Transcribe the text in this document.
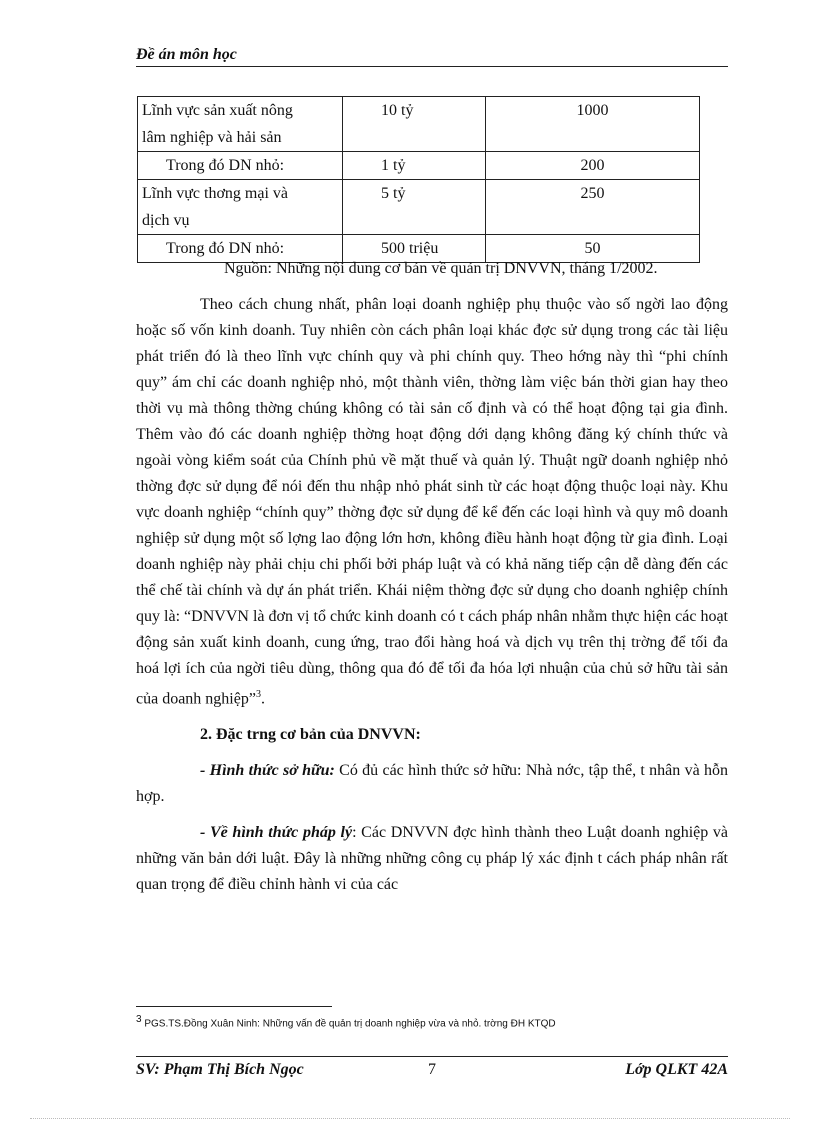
Đề án môn học
Lĩnh vực sản xuất nông
lâm nghiệp và hải sản	10 tỷ	1000

Trong đó DN nhỏ:	1 tỷ	200

Lĩnh vực thơng mại và
dịch vụ	5 tỷ	250

Trong đó DN nhỏ:	500 triệu	50

Nguồn: Những nội dung cơ bản về quản trị DNVVN, tháng 1/2002.

Theo cách chung nhất, phân loại doanh nghiệp phụ thuộc vào số ngời lao động hoặc số vốn kinh doanh. Tuy nhiên còn cách phân loại khác đợc sử dụng trong các tài liệu phát triển đó là theo lĩnh vực chính quy và phi chính quy. Theo hớng này thì “phi chính quy” ám chỉ các doanh nghiệp nhỏ, một thành viên, thờng làm việc bán thời gian hay theo thời vụ mà thông thờng chúng không có tài sản cố định và có thể hoạt động tại gia đình. Thêm vào đó các doanh nghiệp thờng hoạt động dới dạng không đăng ký chính thức và ngoài vòng kiểm soát của Chính phủ về mặt thuế và quản lý. Thuật ngữ doanh nghiệp nhỏ thờng đợc sử dụng để nói đến thu nhập nhỏ phát sinh từ các hoạt động thuộc loại này. Khu vực doanh nghiệp “chính quy” thờng đợc sử dụng để kể đến các loại hình và quy mô doanh nghiệp sử dụng một số lợng lao động lớn hơn, không điều hành hoạt động từ gia đình. Loại doanh nghiệp này phải chịu chi phối bởi pháp luật và có khả năng tiếp cận dễ dàng đến các thể chế tài chính và dự án phát triển. Khái niệm thờng đợc sử dụng cho doanh nghiệp chính quy là: “DNVVN là đơn vị tổ chức kinh doanh có t cách pháp nhân nhằm thực hiện các hoạt động sản xuất kinh doanh, cung ứng, trao đổi hàng hoá và dịch vụ trên thị trờng để tối đa hoá lợi ích của ngời tiêu dùng, thông qua đó để tối đa hóa lợi nhuận của chủ sở hữu tài sản của doanh nghiệp”$^3$.

2. Đặc trng cơ bản của DNVVN:

- Hình thức sở hữu: Có đủ các hình thức sở hữu: Nhà nớc, tập thể, t nhân và hỗn hợp.

- Về hình thức pháp lý: Các DNVVN đợc hình thành theo Luật doanh nghiệp và những văn bản dới luật. Đây là những những công cụ pháp lý xác định t cách pháp nhân rất quan trọng để điều chỉnh hành vi của các

$^3$ PGS.TS.Đồng Xuân Ninh: Những vấn đề quản trị doanh nghiệp vừa và nhỏ. trờng ĐH KTQD
SV: Phạm Thị Bích Ngọc	7	Lớp QLKT 42A
